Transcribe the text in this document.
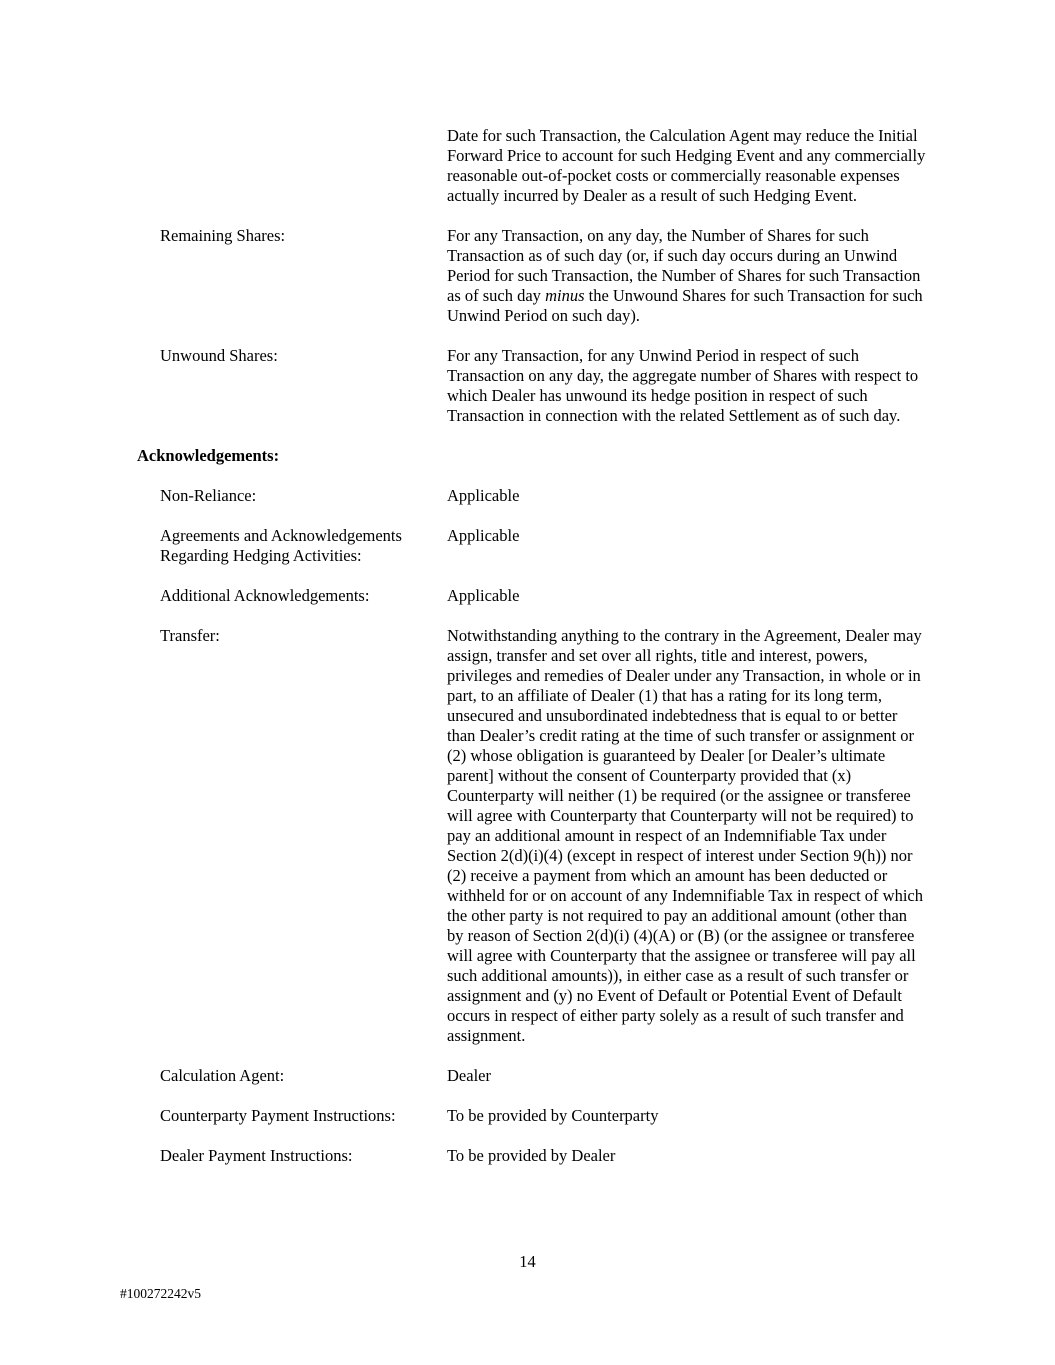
Date for such Transaction, the Calculation Agent may reduce the Initial Forward Price to account for such Hedging Event and any commercially reasonable out-of-pocket costs or commercially reasonable expenses actually incurred by Dealer as a result of such Hedging Event.

Remaining Shares:	For any Transaction, on any day, the Number of Shares for such Transaction as of such day (or, if such day occurs during an Unwind Period for such Transaction, the Number of Shares for such Transaction as of such day minus the Unwound Shares for such Transaction for such Unwind Period on such day).
Unwound Shares:	For any Transaction, for any Unwind Period in respect of such Transaction on any day, the aggregate number of Shares with respect to which Dealer has unwound its hedge position in respect of such Transaction in connection with the related Settlement as of such day.

Acknowledgements:

Non-Reliance:	Applicable
Agreements and Acknowledgements Regarding Hedging Activities:
Applicable
Additional Acknowledgements:	Applicable
Transfer:	Notwithstanding anything to the contrary in the Agreement, Dealer may assign, transfer and set over all rights, title and interest, powers, privileges and remedies of Dealer under any Transaction, in whole or in part, to an affiliate of Dealer (1) that has a rating for its long term, unsecured and unsubordinated indebtedness that is equal to or better than Dealer’s credit rating at the time of such transfer or assignment or (2) whose obligation is guaranteed by Dealer [or Dealer’s ultimate parent] without the consent of Counterparty provided that (x) Counterparty will neither (1) be required (or the assignee or transferee will agree with Counterparty that Counterparty will not be required) to pay an additional amount in respect of an Indemnifiable Tax under Section 2(d)(i)(4) (except in respect of interest under Section 9(h)) nor (2) receive a payment from which an amount has been deducted or withheld for or on account of any Indemnifiable Tax in respect of which the other party is not required to pay an additional amount (other than by reason of Section 2(d)(i) (4)(A) or (B) (or the assignee or transferee will agree with Counterparty that the assignee or transferee will pay all such additional amounts)), in either case as a result of such transfer or assignment and (y) no Event of Default or Potential Event of Default occurs in respect of either party solely as a result of such transfer and assignment.
Calculation Agent:	Dealer
Counterparty Payment Instructions:	To be provided by Counterparty
Dealer Payment Instructions:	To be provided by Dealer
14
#100272242v5
